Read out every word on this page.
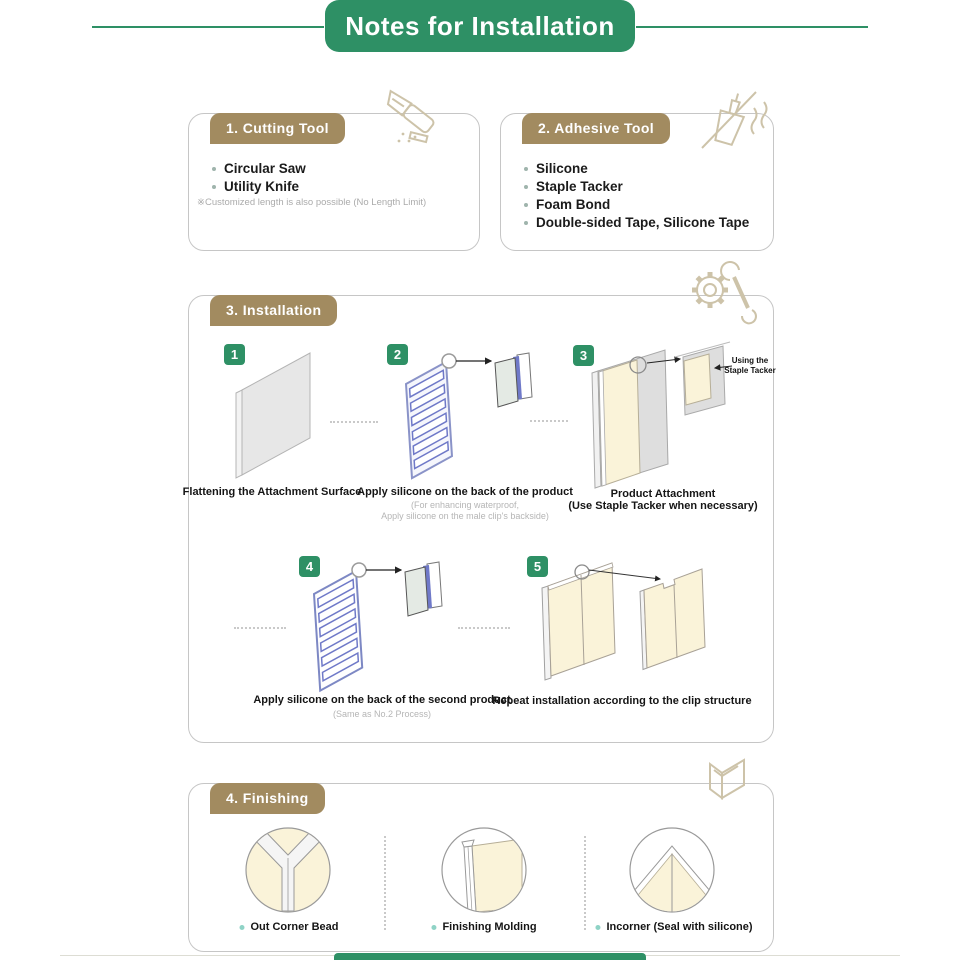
Notes for Installation
1. Cutting Tool
Circular Saw
Utility Knife
※Customized length is also possible (No Length Limit)
2. Adhesive Tool
Silicone
Staple Tacker
Foam Bond
Double-sided Tape, Silicone Tape
3. Installation
1	2	3
4	5
Using the
Staple Tacker
Flattening the Attachment Surface
Apply silicone on the back of the product
(For enhancing waterproof,
Apply silicone on the male clip's backside)
Product Attachment
(Use Staple Tacker when necessary)
Apply silicone on the back of the second product
(Same as No.2 Process)
Repeat installation according to the clip structure
4. Finishing
Out Corner Bead	Finishing Molding	Incorner (Seal with silicone)
